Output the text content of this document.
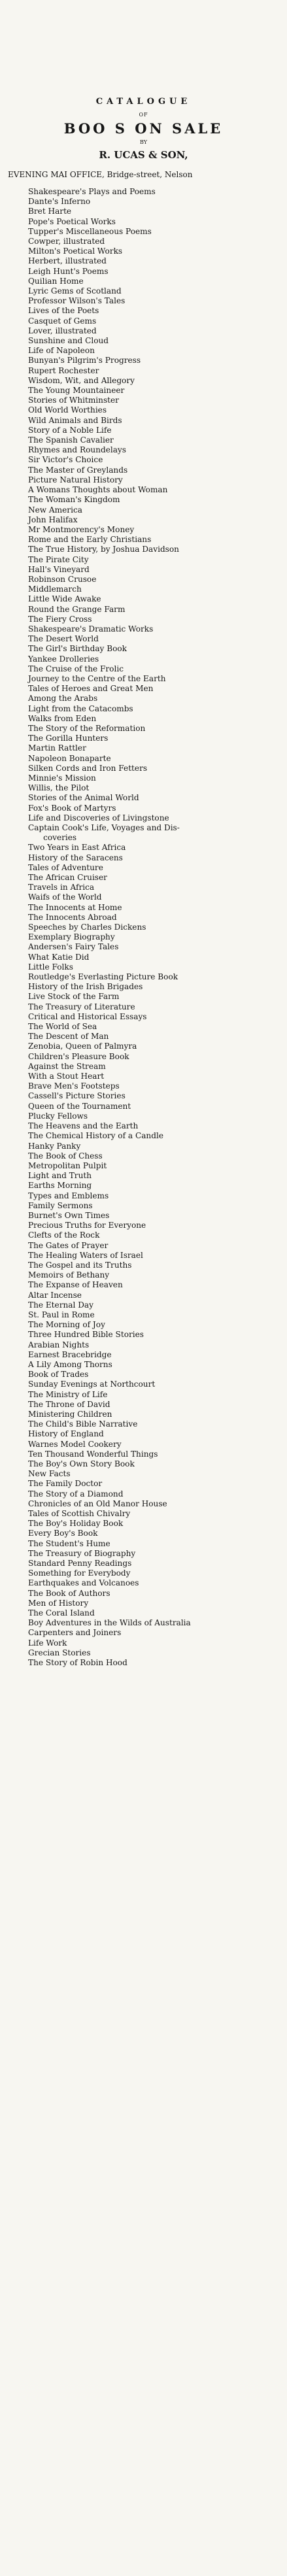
CATALOGUE
OF
BOO S ON SALE
BY
R. UCAS & SON,
EVENING MAI OFFICE, Bridge-street, Nelson
Shakespeare's Plays and Poems
Dante's Inferno
Bret Harte
Pope's Poetical Works
Tupper's Miscellaneous Poems
Cowper, illustrated
Milton's Poetical Works
Herbert, illustrated
Leigh Hunt's Poems
Quilian Home
Lyric Gems of Scotland
Professor Wilson's Tales
Lives of the Poets
Casquet of Gems
Lover, illustrated
Sunshine and Cloud
Life of Napoleon
Bunyan's Pilgrim's Progress
Rupert Rochester
Wisdom, Wit, and Allegory
The Young Mountaineer
Stories of Whitminster
Old World Worthies
Wild Animals and Birds
Story of a Noble Life
The Spanish Cavalier
Rhymes and Roundelays
Sir Victor's Choice
The Master of Greylands
Picture Natural History
A Womans Thoughts about Woman
The Woman's Kingdom
New America
John Halifax
Mr Montmorency's Money
Rome and the Early Christians
The True History, by Joshua Davidson
The Pirate City
Hall's Vineyard
Robinson Crusoe
Middlemarch
Little Wide Awake
Round the Grange Farm
The Fiery Cross
Shakespeare's Dramatic Works
The Desert World
The Girl's Birthday Book
Yankee Drolleries
The Cruise of the Frolic
Journey to the Centre of the Earth
Tales of Heroes and Great Men
Among the Arabs
Light from the Catacombs
Walks from Eden
The Story of the Reformation
The Gorilla Hunters
Martin Rattler
Napoleon Bonaparte
Silken Cords and Iron Fetters
Minnie's Mission
Willis, the Pilot
Stories of the Animal World
Fox's Book of Martyrs
Life and Discoveries of Livingstone
Captain Cook's Life, Voyages and Dis-
coveries
Two Years in East Africa
History of the Saracens
Tales of Adventure
The African Cruiser
Travels in Africa
Waifs of the World
The Innocents at Home
The Innocents Abroad
Speeches by Charles Dickens
Exemplary Biography
Andersen's Fairy Tales
What Katie Did
Little Folks
Routledge's Everlasting Picture Book
History of the Irish Brigades
Live Stock of the Farm
The Treasury of Literature
Critical and Historical Essays
The World of Sea
The Descent of Man
Zenobia, Queen of Palmyra
Children's Pleasure Book
Against the Stream
With a Stout Heart
Brave Men's Footsteps
Cassell's Picture Stories
Queen of the Tournament
Plucky Fellows
The Heavens and the Earth
The Chemical History of a Candle
Hanky Panky
The Book of Chess
Metropolitan Pulpit
Light and Truth
Earths Morning
Types and Emblems
Family Sermons
Burnet's Own Times
Precious Truths for Everyone
Clefts of the Rock
The Gates of Prayer
The Healing Waters of Israel
The Gospel and its Truths
Memoirs of Bethany
The Expanse of Heaven
Altar Incense
The Eternal Day
St. Paul in Rome
The Morning of Joy
Three Hundred Bible Stories
Arabian Nights
Earnest Bracebridge
A Lily Among Thorns
Book of Trades
Sunday Evenings at Northcourt
The Ministry of Life
The Throne of David
Ministering Children
The Child's Bible Narrative
History of England
Warnes Model Cookery
Ten Thousand Wonderful Things
The Boy's Own Story Book
New Facts
The Family Doctor
The Story of a Diamond
Chronicles of an Old Manor House
Tales of Scottish Chivalry
The Boy's Holiday Book
Every Boy's Book
The Student's Hume
The Treasury of Biography
Standard Penny Readings
Something for Everybody
Earthquakes and Volcanoes
The Book of Authors
Men of History
The Coral Island
Boy Adventures in the Wilds of Australia
Carpenters and Joiners
Life Work
Grecian Stories
The Story of Robin Hood
